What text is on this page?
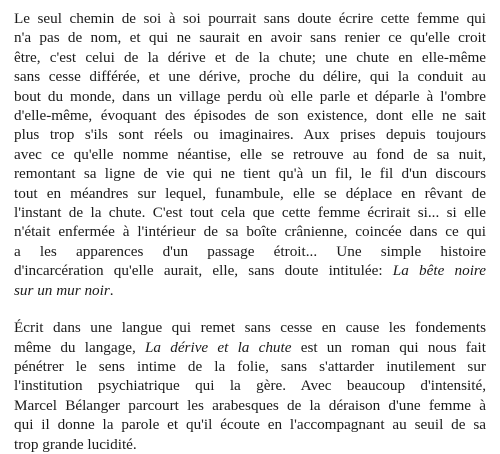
Le seul chemin de soi à soi pourrait sans doute écrire cette femme qui
n'a pas de nom, et qui ne saurait en avoir sans renier ce qu'elle croit
être, c'est celui de la dérive et de la chute; une chute en elle-même
sans cesse différée, et une dérive, proche du délire, qui la conduit au
bout du monde, dans un village perdu où elle parle et déparle à l'ombre
d'elle-même, évoquant des épisodes de son existence, dont elle ne sait
plus trop s'ils sont réels ou imaginaires. Aux prises depuis toujours
avec ce qu'elle nomme néantise, elle se retrouve au fond de sa nuit,
remontant sa ligne de vie qui ne tient qu'à un fil, le fil d'un discours
tout en méandres sur lequel, funambule, elle se déplace en rêvant de
l'instant de la chute. C'est tout cela que cette femme écrirait si... si elle
n'était enfermée à l'intérieur de sa boîte crânienne, coincée dans ce qui
a les apparences d'un passage étroit... Une simple histoire
d'incarcération qu'elle aurait, elle, sans doute intitulée: La bête noire
sur un mur noir.

Écrit dans une langue qui remet sans cesse en cause les fondements
même du langage, La dérive et la chute est un roman qui nous fait
pénétrer le sens intime de la folie, sans s'attarder inutilement sur
l'institution psychiatrique qui la gère. Avec beaucoup d'intensité,
Marcel Bélanger parcourt les arabesques de la déraison d'une femme à
qui il donne la parole et qu'il écoute en l'accompagnant au seuil de sa
trop grande lucidité.
